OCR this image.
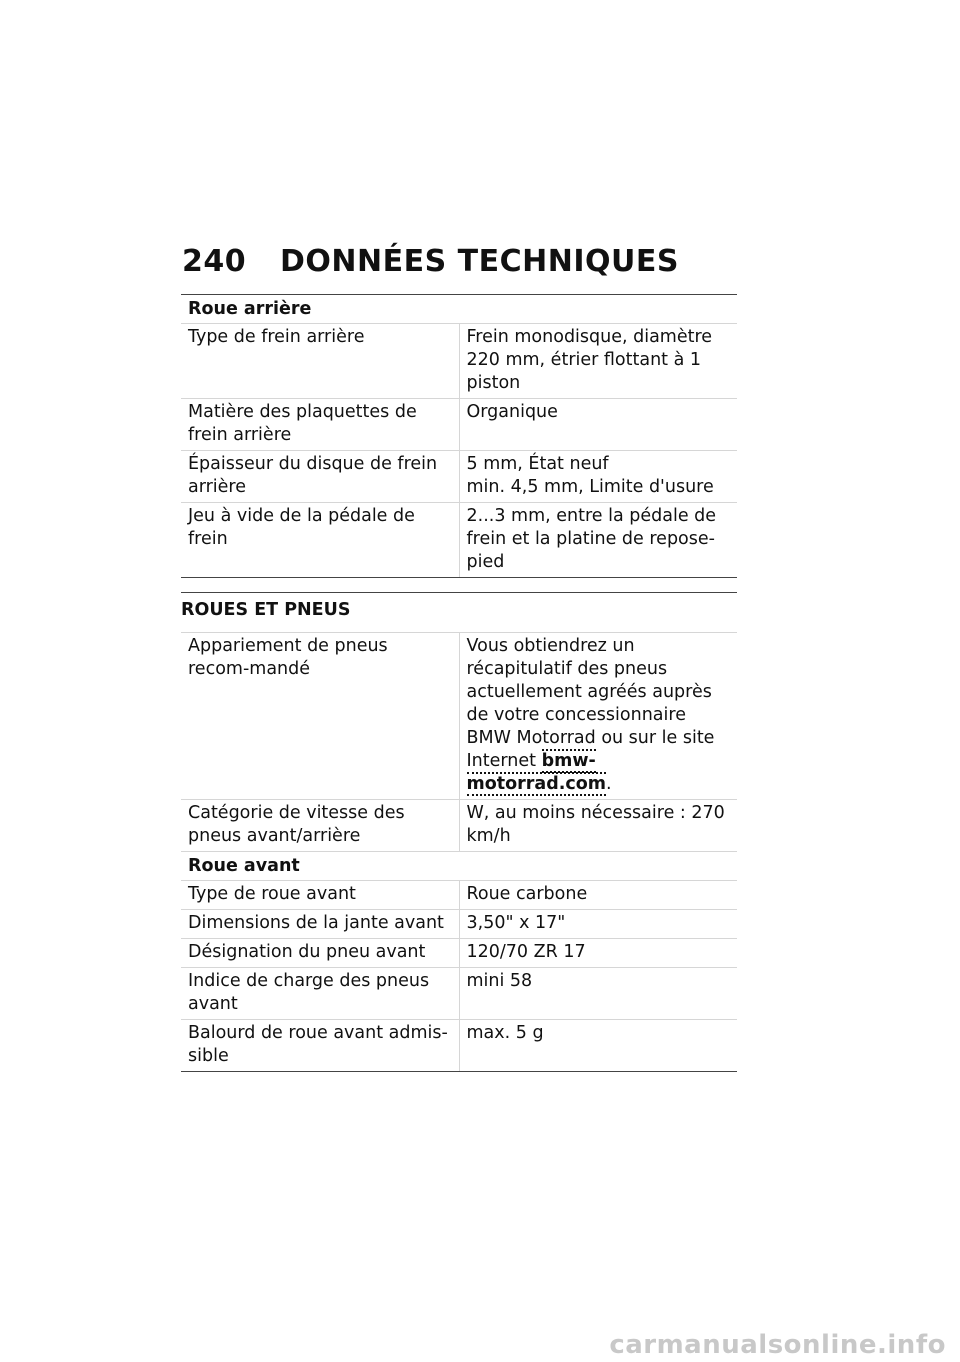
240	DONNÉES TECHNIQUES
Roue arrière	
Type de frein arrière	Frein monodisque, diamètre 220 mm, étrier flottant à 1 piston
Matière des plaquettes de frein arrière	Organique
Épaisseur du disque de frein arrière	5 mm, État neuf
min. 4,5 mm, Limite d'usure

Jeu à vide de la pédale de frein	2...3 mm, entre la pédale de frein et la platine de repose-pied
ROUES ET PNEUS
Appariement de pneus recom-mandé	Vous obtiendrez un récapitulatif des pneus actuellement agréés auprès de votre concessionnaire BMW Motorrad ou sur le site Internet bmw-motorrad.com.
Catégorie de vitesse des pneus avant/arrière	W, au moins nécessaire : 270 km/h
Roue avant	
Type de roue avant	Roue carbone
Dimensions de la jante avant	3,50" x 17"
Désignation du pneu avant	120/70 ZR 17
Indice de charge des pneus avant	mini 58
Balourd de roue avant admis-sible	max. 5 g
carmanualsonline.info
